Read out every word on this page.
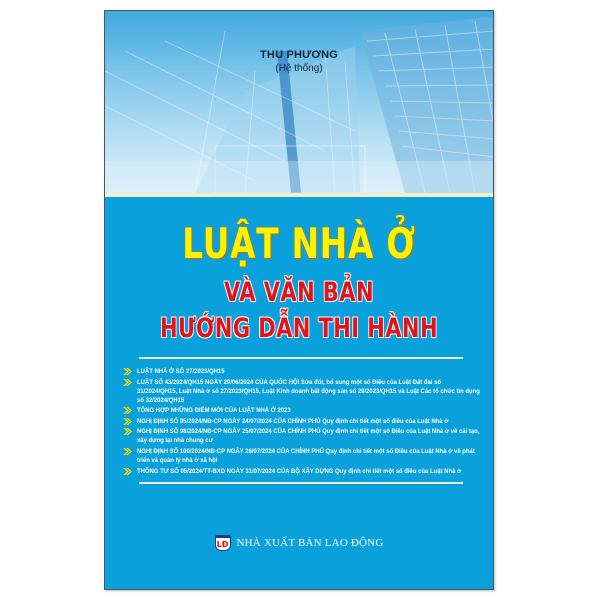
THU PHƯƠNG
(Hệ thống)
LUẬT NHÀ Ở
VÀ VĂN BẢN
HƯỚNG DẪN THI HÀNH
LUẬT NHÀ Ở SỐ 27/2023/QH15
LUẬT SỐ 43/2024/QH15 NGÀY 29/06/2024 CỦA QUỐC HỘI Sửa đổi, bổ sung một số Điều của Luật Đất đai số 31/2024/QH15, Luật Nhà ở số 27/2023/QH15, Luật Kinh doanh bất động sản số 29/2023/QH15 và Luật Các tổ chức tín dụng số 32/2024/QH15
TỔNG HỢP NHỮNG ĐIỂM MỚI CỦA LUẬT NHÀ Ở 2023
NGHỊ ĐỊNH SỐ 95/2024/NĐ-CP NGÀY 24/07/2024 CỦA CHÍNH PHỦ Quy định chi tiết một số điều của Luật Nhà ở
NGHỊ ĐỊNH SỐ 98/2024/NĐ-CP NGÀY 25/07/2024 CỦA CHÍNH PHỦ Quy định chi tiết một số Điều của Luật Nhà ở về cải tạo, xây dựng lại nhà chung cư
NGHỊ ĐỊNH SỐ 100/2024/NĐ-CP NGÀY 26/07/2024 CỦA CHÍNH PHỦ Quy định chi tiết một số Điều của Luật Nhà ở về phát triển và quản lý nhà ở xã hội
THÔNG TƯ SỐ 05/2024/TT-BXD NGÀY 31/07/2024 CỦA BỘ XÂY DỰNG Quy định chi tiết một số điều của Luật Nhà ở
LĐ NHÀ XUẤT BẢN LAO ĐỘNG
